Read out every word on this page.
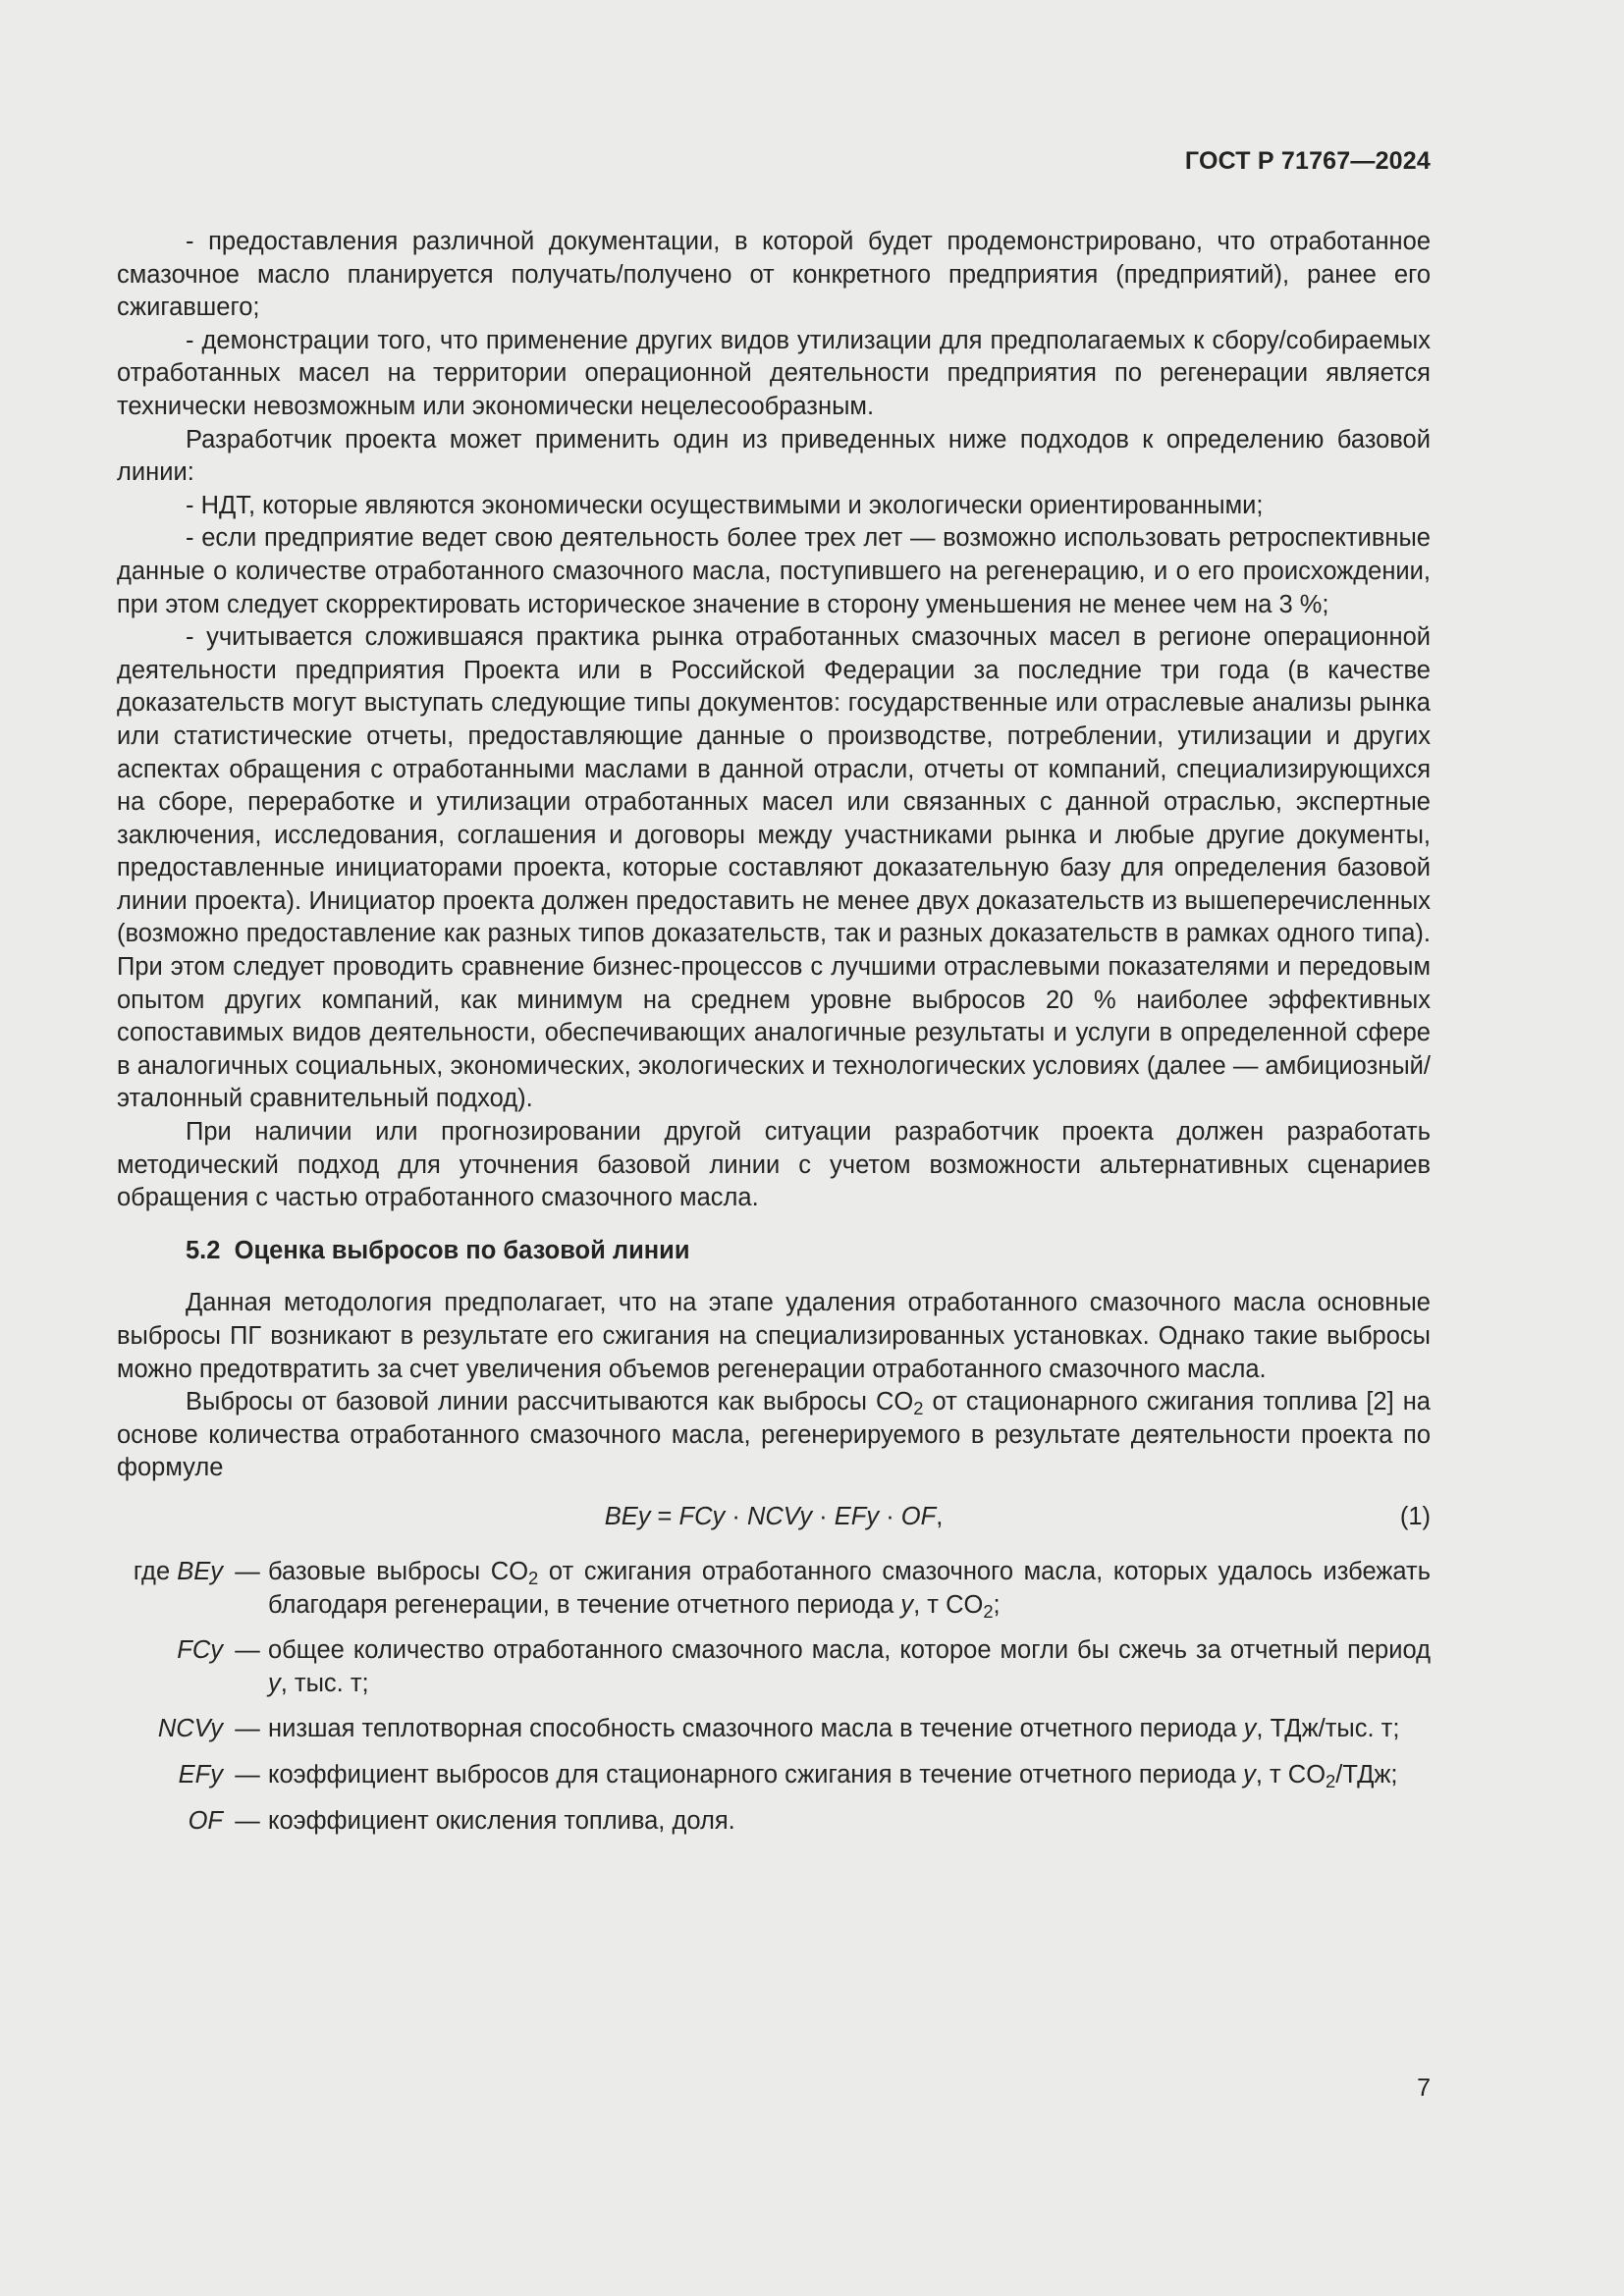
ГОСТ Р 71767—2024

- предоставления различной документации, в которой будет продемонстрировано, что отработанное смазочное масло планируется получать/получено от конкретного предприятия (предприятий), ранее его сжигавшего;

- демонстрации того, что применение других видов утилизации для предполагаемых к сбору/собираемых отработанных масел на территории операционной деятельности предприятия по регенерации является технически невозможным или экономически нецелесообразным.

Разработчик проекта может применить один из приведенных ниже подходов к определению базовой линии:

- НДТ, которые являются экономически осуществимыми и экологически ориентированными;

- если предприятие ведет свою деятельность более трех лет — возможно использовать ретроспективные данные о количестве отработанного смазочного масла, поступившего на регенерацию, и о его происхождении, при этом следует скорректировать историческое значение в сторону уменьшения не менее чем на 3 %;

- учитывается сложившаяся практика рынка отработанных смазочных масел в регионе операционной деятельности предприятия Проекта или в Российской Федерации за последние три года (в качестве доказательств могут выступать следующие типы документов: государственные или отраслевые анализы рынка или статистические отчеты, предоставляющие данные о производстве, потреблении, утилизации и других аспектах обращения с отработанными маслами в данной отрасли, отчеты от компаний, специализирующихся на сборе, переработке и утилизации отработанных масел или связанных с данной отраслью, экспертные заключения, исследования, соглашения и договоры между участниками рынка и любые другие документы, предоставленные инициаторами проекта, которые составляют доказательную базу для определения базовой линии проекта). Инициатор проекта должен предоставить не менее двух доказательств из вышеперечисленных (возможно предоставление как разных типов доказательств, так и разных доказательств в рамках одного типа). При этом следует проводить сравнение бизнес-процессов с лучшими отраслевыми показателями и передовым опытом других компаний, как минимум на среднем уровне выбросов 20 % наиболее эффективных сопоставимых видов деятельности, обеспечивающих аналогичные результаты и услуги в определенной сфере в аналогичных социальных, экономических, экологических и технологических условиях (далее — амбициозный/эталонный сравнительный подход).

При наличии или прогнозировании другой ситуации разработчик проекта должен разработать методический подход для уточнения базовой линии с учетом возможности альтернативных сценариев обращения с частью отработанного смазочного масла.

5.2 Оценка выбросов по базовой линии

Данная методология предполагает, что на этапе удаления отработанного смазочного масла основные выбросы ПГ возникают в результате его сжигания на специализированных установках. Однако такие выбросы можно предотвратить за счет увеличения объемов регенерации отработанного смазочного масла.

Выбросы от базовой линии рассчитываются как выбросы $CO_2$ от стационарного сжигания топлива [2] на основе количества отработанного смазочного масла, регенерируемого в результате деятельности проекта по формуле

BEy = FCy · NCVy · EFy · OF,	(1)
где BEy	—	базовые выбросы $CO_2$ от сжигания отработанного смазочного масла, которых удалось избежать благодаря регенерации, в течение отчетного периода y, т $CO_2$;
FCy	—	общее количество отработанного смазочного масла, которое могли бы сжечь за отчетный период y, тыс. т;
NCVy	—	низшая теплотворная способность смазочного масла в течение отчетного периода y, ТДж/тыс. т;
EFy	—	коэффициент выбросов для стационарного сжигания в течение отчетного периода y, т $CO_2$/ТДж;
OF	—	коэффициент окисления топлива, доля.
7
